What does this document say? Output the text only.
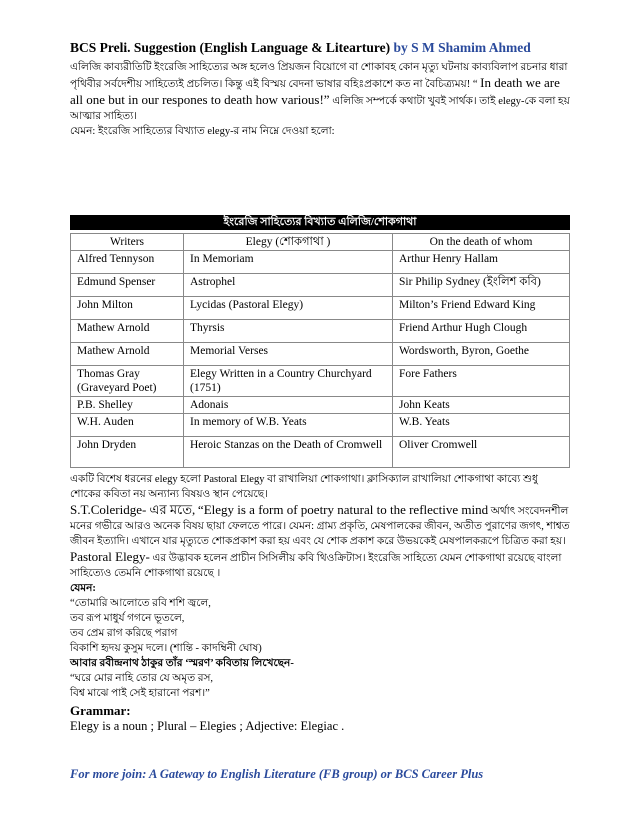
BCS Preli. Suggestion (English Language & Litearture) by S M Shamim Ahmed

এলিজি কাব্যরীতিটি ইংরেজি সাহিত্যের অঙ্গ হলেও প্রিয়জন বিয়োগে বা শোকাবহ কোন মৃত্যু ঘটনায় কাব্যবিলাপ রচনার ধারা পৃথিবীর সর্বদেশীয় সাহিত্যেই প্রচলিত। কিন্তু এই বিস্ময় বেদনা ভাষার বহিঃপ্রকাশে কত না বৈচিত্র্যময়! “ In death we are all one but in our respones to death how various!” এলিজি সম্পর্কে কথাটা খুবই সার্থক। তাই elegy-কে বলা হয় আত্মার সাহিত্য।

যেমন: ইংরেজি সাহিত্যের বিখ্যাত elegy-র নাম নিম্নে দেওয়া হলো:

ইংরেজি সাহিত্যের বিখ্যাত এলিজি/শোকগাথা
Writers	Elegy (শোকগাথা )	On the death of whom
Alfred Tennyson	In Memoriam	Arthur Henry Hallam
Edmund Spenser	Astrophel	Sir Philip Sydney (ইংলিশ কবি)
John Milton	Lycidas (Pastoral Elegy)	Milton’s Friend Edward King
Mathew Arnold	Thyrsis	Friend Arthur Hugh Clough
Mathew Arnold	Memorial Verses	Wordsworth, Byron, Goethe
Thomas Gray (Graveyard Poet)	Elegy Written in a Country Churchyard (1751)	Fore Fathers
P.B. Shelley	Adonais	John Keats
W.H. Auden	In memory of W.B. Yeats	W.B. Yeats
John Dryden	Heroic Stanzas on the Death of Cromwell	Oliver Cromwell

একটি বিশেষ ধরনের elegy হলো Pastoral Elegy বা রাখালিয়া শোকগাথা। ক্লাসিক্যাল রাখালিয়া শোকগাথা কাব্যে শুধু শোকের কবিতা নয় অন্যান্য বিষয়ও স্থান পেয়েছে।

S.T.Coleridge- এর মতে, “Elegy is a form of poetry natural to the reflective mind অর্থাৎ সংবেদনশীল মনের গভীরে আরও অনেক বিষয় ছায়া ফেলতে পারে। যেমন: গ্রাম্য প্রকৃতি, মেষপালকের জীবন, অতীত পুরাণের জগৎ, শাশ্বত জীবন ইত্যাদি। এখানে যার মৃত্যুতে শোকপ্রকাশ করা হয় এবং যে শোক প্রকাশ করে উভয়কেই মেষপালকরূপে চিত্রিত করা হয়। Pastoral Elegy- এর উদ্ভাবক হলেন প্রাচীন সিসিলীয় কবি থিওক্রিটাস। ইংরেজি সাহিত্যে যেমন শোকগাথা রয়েছে বাংলা সাহিত্যেও তেমনি শোকগাথা রয়েছে ।

যেমন:

“তোমারি আলোতে রবি শশি জ্বলে,

তব রূপ মাধুর্য গগনে ভূতলে,

তব প্রেম রাগ করিছে পরাগ

বিকাশি হৃদয় কুসুম দলে। (শান্তি - কাদম্বিনী ঘোষ)

আবার রবীন্দ্রনাথ ঠাকুর তাঁর ‘স্মরণ’ কবিতায় লিখেছেন-

“ঘরে মোর নাহি তোর যে অমৃত রস,

বিশ্ব মাঝে পাই সেই হারানো পরশ।”

Grammar:

Elegy is a noun ; Plural – Elegies ; Adjective: Elegiac .

For more join: A Gateway to English Literature (FB group) or BCS Career Plus
